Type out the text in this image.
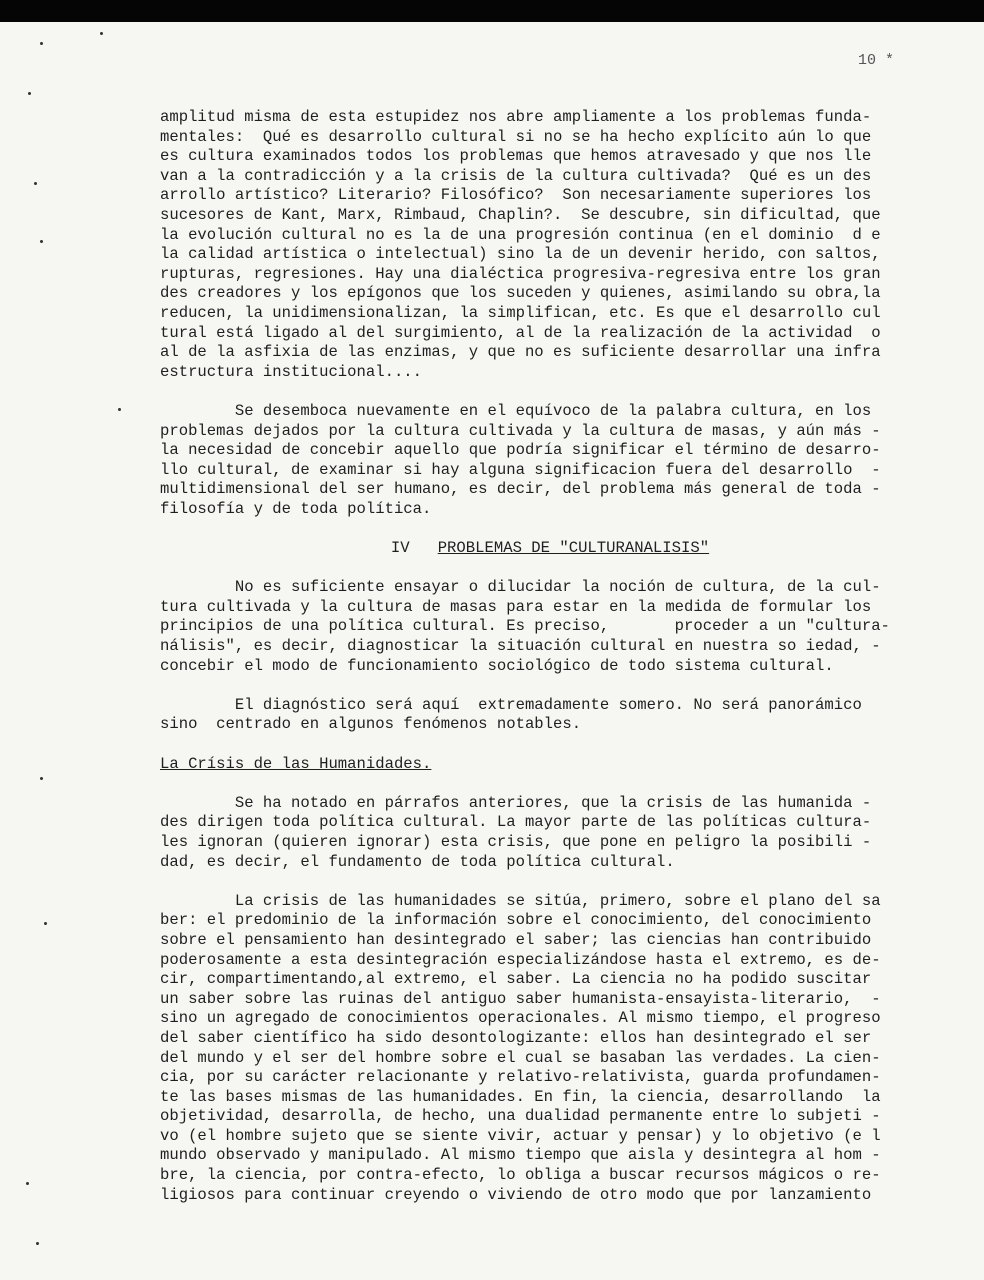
10 *
amplitud misma de esta estupidez nos abre ampliamente a los problemas funda-
mentales:  Qué es desarrollo cultural si no se ha hecho explícito aún lo que
es cultura examinados todos los problemas que hemos atravesado y que nos lle
van a la contradicción y a la crisis de la cultura cultivada?  Qué es un des
arrollo artístico? Literario? Filosófico?  Son necesariamente superiores los
sucesores de Kant, Marx, Rimbaud, Chaplin?.  Se descubre, sin dificultad, que
la evolución cultural no es la de una progresión continua (en el dominio  d e
la calidad artística o intelectual) sino la de un devenir herido, con saltos,
rupturas, regresiones. Hay una dialéctica progresiva-regresiva entre los gran
des creadores y los epígonos que los suceden y quienes, asimilando su obra,la
reducen, la unidimensionalizan, la simplifican, etc. Es que el desarrollo cul
tural está ligado al del surgimiento, al de la realización de la actividad  o
al de la asfixia de las enzimas, y que no es suficiente desarrollar una infra
estructura institucional....
Se desemboca nuevamente en el equívoco de la palabra cultura, en los
problemas dejados por la cultura cultivada y la cultura de masas, y aún más -
la necesidad de concebir aquello que podría significar el término de desarro-
llo cultural, de examinar si hay alguna significacion fuera del desarrollo  -
multidimensional del ser humano, es decir, del problema más general de toda -
filosofía y de toda política.
IV PROBLEMAS DE "CULTURANALISIS"
No es suficiente ensayar o dilucidar la noción de cultura, de la cul-
tura cultivada y la cultura de masas para estar en la medida de formular los
principios de una política cultural. Es preciso,       proceder a un "cultura-
nálisis", es decir, diagnosticar la situación cultural en nuestra so iedad, -
concebir el modo de funcionamiento sociológico de todo sistema cultural.
El diagnóstico será aquí  extremadamente somero. No será panorámico
sino  centrado en algunos fenómenos notables.
La Crísis de las Humanidades.
Se ha notado en párrafos anteriores, que la crisis de las humanida -
des dirigen toda política cultural. La mayor parte de las políticas cultura-
les ignoran (quieren ignorar) esta crisis, que pone en peligro la posibili -
dad, es decir, el fundamento de toda política cultural.
La crisis de las humanidades se sitúa, primero, sobre el plano del sa
ber: el predominio de la información sobre el conocimiento, del conocimiento
sobre el pensamiento han desintegrado el saber; las ciencias han contribuido
poderosamente a esta desintegración especializándose hasta el extremo, es de-
cir, compartimentando,al extremo, el saber. La ciencia no ha podido suscitar
un saber sobre las ruinas del antiguo saber humanista-ensayista-literario,  -
sino un agregado de conocimientos operacionales. Al mismo tiempo, el progreso
del saber científico ha sido desontologizante: ellos han desintegrado el ser
del mundo y el ser del hombre sobre el cual se basaban las verdades. La cien-
cia, por su carácter relacionante y relativo-relativista, guarda profundamen-
te las bases mismas de las humanidades. En fin, la ciencia, desarrollando  la
objetividad, desarrolla, de hecho, una dualidad permanente entre lo subjeti -
vo (el hombre sujeto que se siente vivir, actuar y pensar) y lo objetivo (e l
mundo observado y manipulado. Al mismo tiempo que aisla y desintegra al hom -
bre, la ciencia, por contra-efecto, lo obliga a buscar recursos mágicos o re-
ligiosos para continuar creyendo o viviendo de otro modo que por lanzamiento
